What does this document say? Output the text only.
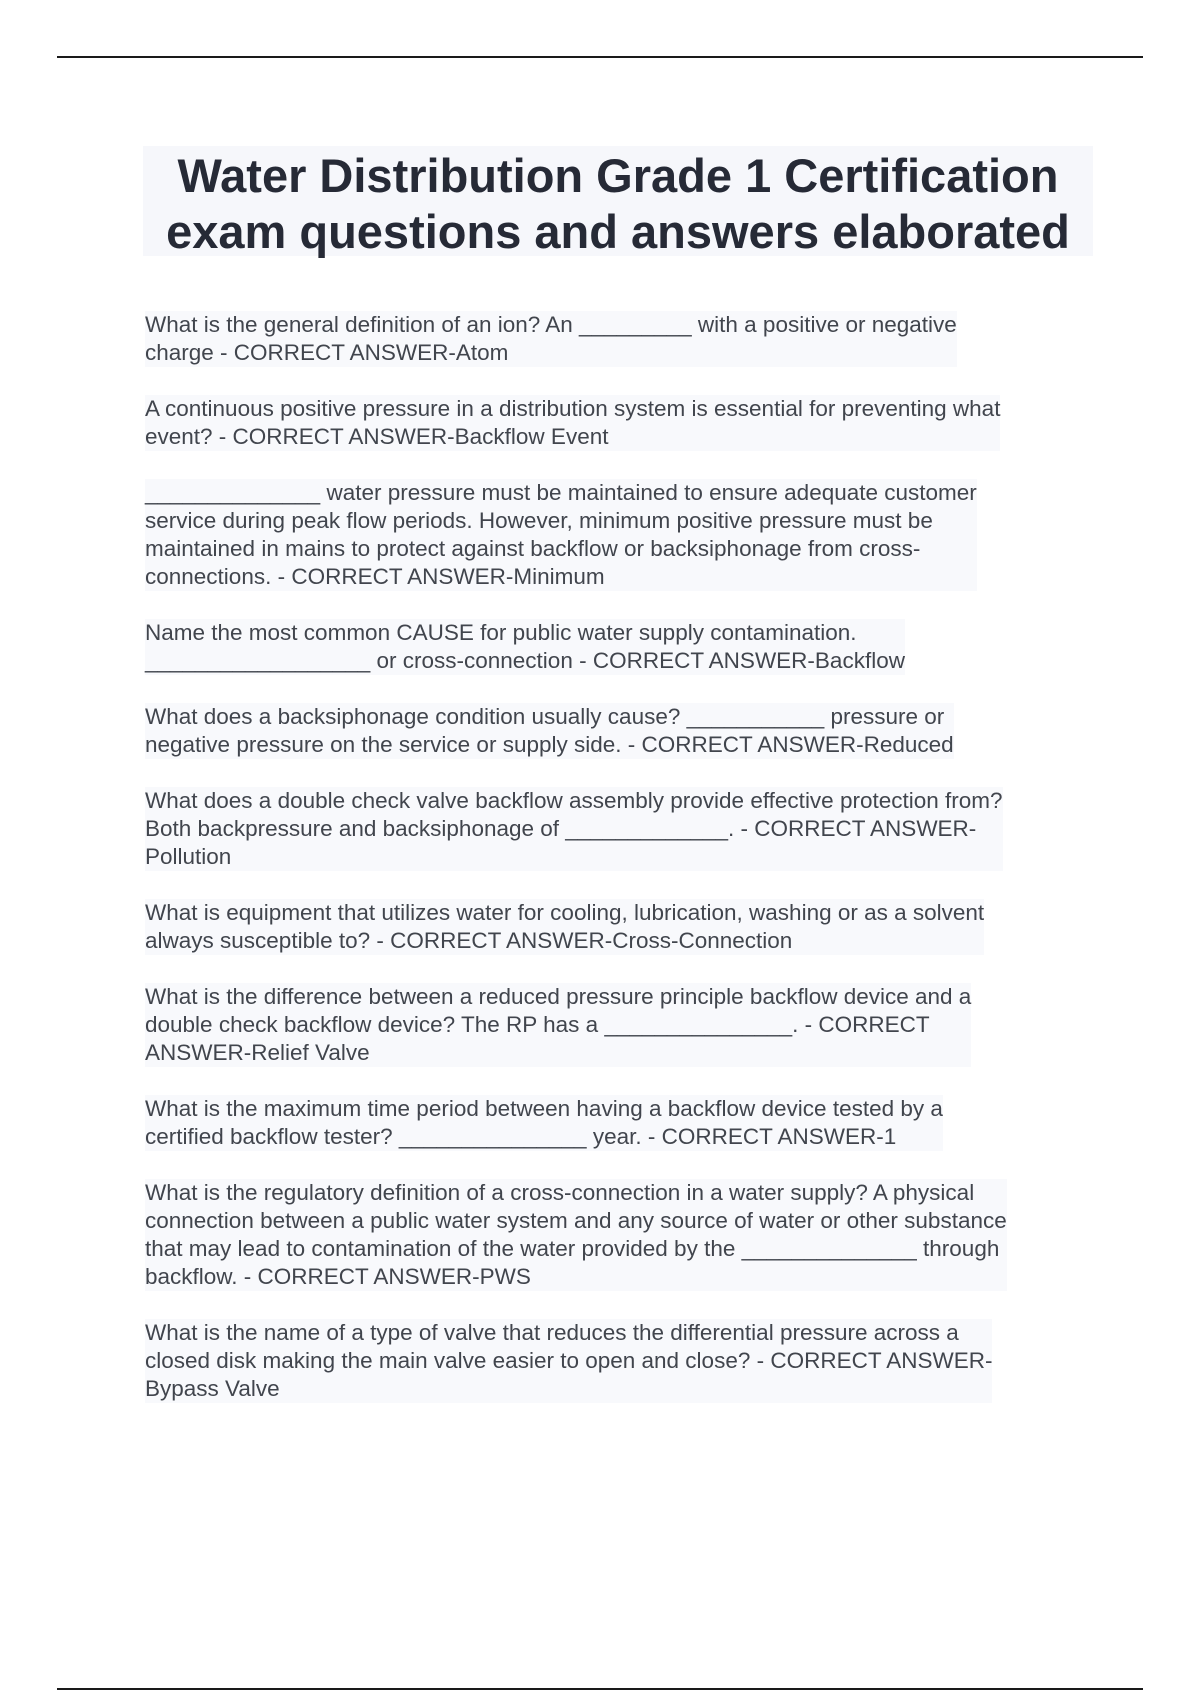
Water Distribution Grade 1 Certification
exam questions and answers elaborated
What is the general definition of an ion? An _________ with a positive or negative
charge - CORRECT ANSWER-Atom
A continuous positive pressure in a distribution system is essential for preventing what
event? - CORRECT ANSWER-Backflow Event
______________ water pressure must be maintained to ensure adequate customer
service during peak flow periods. However, minimum positive pressure must be
maintained in mains to protect against backflow or backsiphonage from cross-
connections. - CORRECT ANSWER-Minimum
Name the most common CAUSE for public water supply contamination.
__________________ or cross-connection - CORRECT ANSWER-Backflow
What does a backsiphonage condition usually cause? ___________ pressure or
negative pressure on the service or supply side. - CORRECT ANSWER-Reduced
What does a double check valve backflow assembly provide effective protection from?
Both backpressure and backsiphonage of _____________. - CORRECT ANSWER-
Pollution
What is equipment that utilizes water for cooling, lubrication, washing or as a solvent
always susceptible to? - CORRECT ANSWER-Cross-Connection
What is the difference between a reduced pressure principle backflow device and a
double check backflow device? The RP has a _______________. - CORRECT
ANSWER-Relief Valve
What is the maximum time period between having a backflow device tested by a
certified backflow tester? _______________ year. - CORRECT ANSWER-1
What is the regulatory definition of a cross-connection in a water supply? A physical
connection between a public water system and any source of water or other substance
that may lead to contamination of the water provided by the ______________ through
backflow. - CORRECT ANSWER-PWS
What is the name of a type of valve that reduces the differential pressure across a
closed disk making the main valve easier to open and close? - CORRECT ANSWER-
Bypass Valve
